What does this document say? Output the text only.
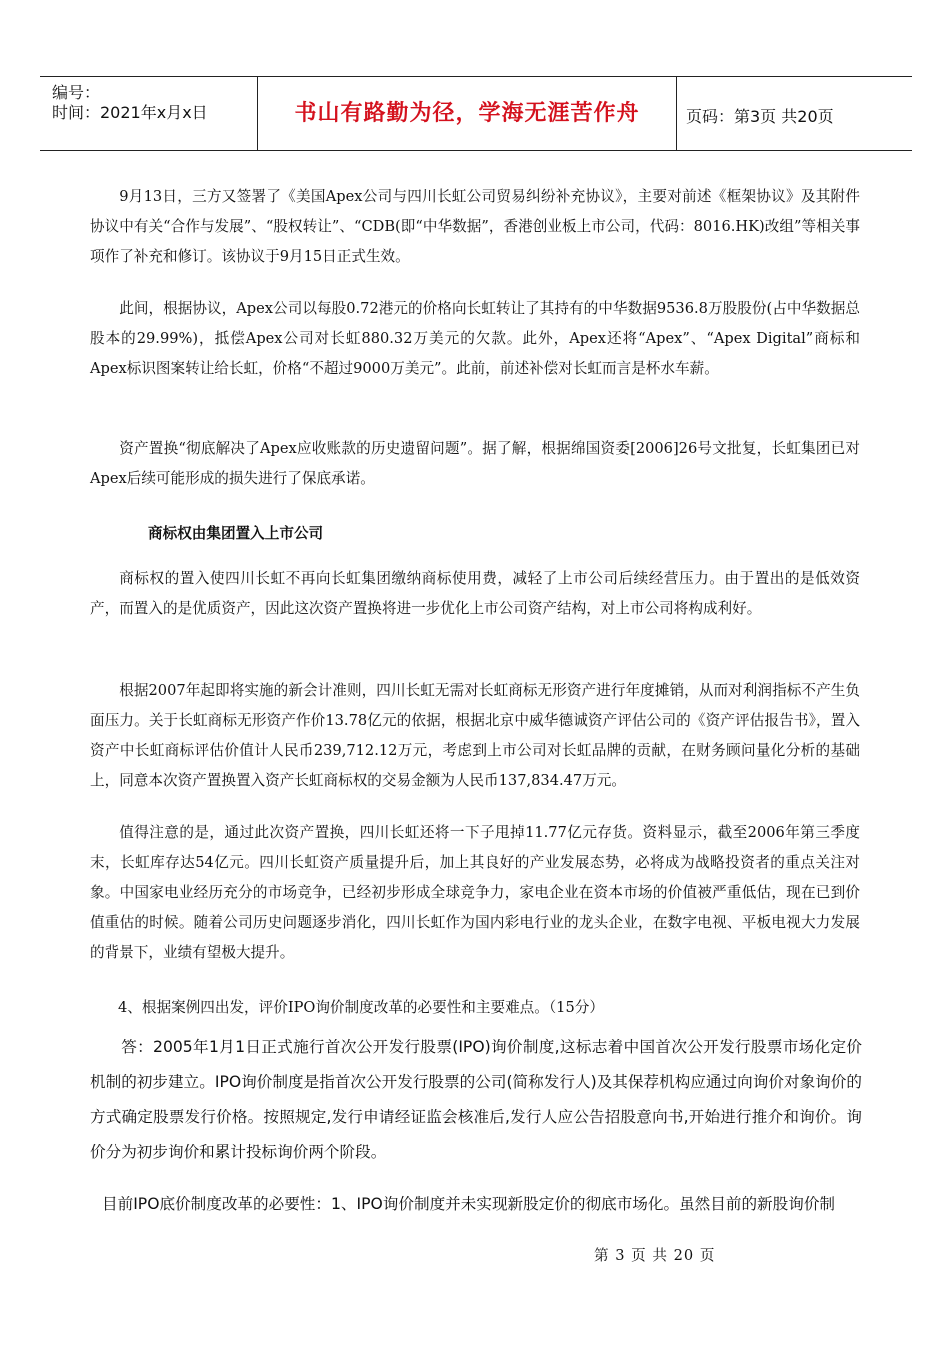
编号：
时间：2021年x月x日	书山有路勤为径，学海无涯苦作舟	页码：第3页 共20页

9月13日，三方又签署了《美国Apex公司与四川长虹公司贸易纠纷补充协议》，主要对前述《框架协议》及其附件协议中有关“合作与发展”、“股权转让”、“CDB(即“中华数据”，香港创业板上市公司，代码：8016.HK)改组”等相关事项作了补充和修订。该协议于9月15日正式生效。

此间，根据协议，Apex公司以每股0.72港元的价格向长虹转让了其持有的中华数据9536.8万股股份(占中华数据总股本的29.99%)，抵偿Apex公司对长虹880.32万美元的欠款。此外，Apex还将“Apex”、“Apex Digital”商标和Apex标识图案转让给长虹，价格“不超过9000万美元”。此前，前述补偿对长虹而言是杯水车薪。

资产置换“彻底解决了Apex应收账款的历史遗留问题”。据了解，根据绵国资委[2006]26号文批复，长虹集团已对Apex后续可能形成的损失进行了保底承诺。

商标权由集团置入上市公司

商标权的置入使四川长虹不再向长虹集团缴纳商标使用费，减轻了上市公司后续经营压力。由于置出的是低效资产，而置入的是优质资产，因此这次资产置换将进一步优化上市公司资产结构，对上市公司将构成利好。

根据2007年起即将实施的新会计准则，四川长虹无需对长虹商标无形资产进行年度摊销，从而对利润指标不产生负面压力。关于长虹商标无形资产作价13.78亿元的依据，根据北京中威华德诚资产评估公司的《资产评估报告书》，置入资产中长虹商标评估价值计人民币239,712.12万元，考虑到上市公司对长虹品牌的贡献，在财务顾问量化分析的基础上，同意本次资产置换置入资产长虹商标权的交易金额为人民币137,834.47万元。

值得注意的是，通过此次资产置换，四川长虹还将一下子甩掉11.77亿元存货。资料显示，截至2006年第三季度末，长虹库存达54亿元。四川长虹资产质量提升后，加上其良好的产业发展态势，必将成为战略投资者的重点关注对象。中国家电业经历充分的市场竞争，已经初步形成全球竞争力，家电企业在资本市场的价值被严重低估，现在已到价值重估的时候。随着公司历史问题逐步消化，四川长虹作为国内彩电行业的龙头企业，在数字电视、平板电视大力发展的背景下，业绩有望极大提升。

4、根据案例四出发，评价IPO询价制度改革的必要性和主要难点。（15分）

答：2005年1月1日正式施行首次公开发行股票(IPO)询价制度,这标志着中国首次公开发行股票市场化定价机制的初步建立。IPO询价制度是指首次公开发行股票的公司(简称发行人)及其保荐机构应通过向询价对象询价的方式确定股票发行价格。按照规定,发行申请经证监会核准后,发行人应公告招股意向书,开始进行推介和询价。询价分为初步询价和累计投标询价两个阶段。

目前IPO底价制度改革的必要性：1、IPO询价制度并未实现新股定价的彻底市场化。虽然目前的新股询价制
第 3 页 共 20 页
